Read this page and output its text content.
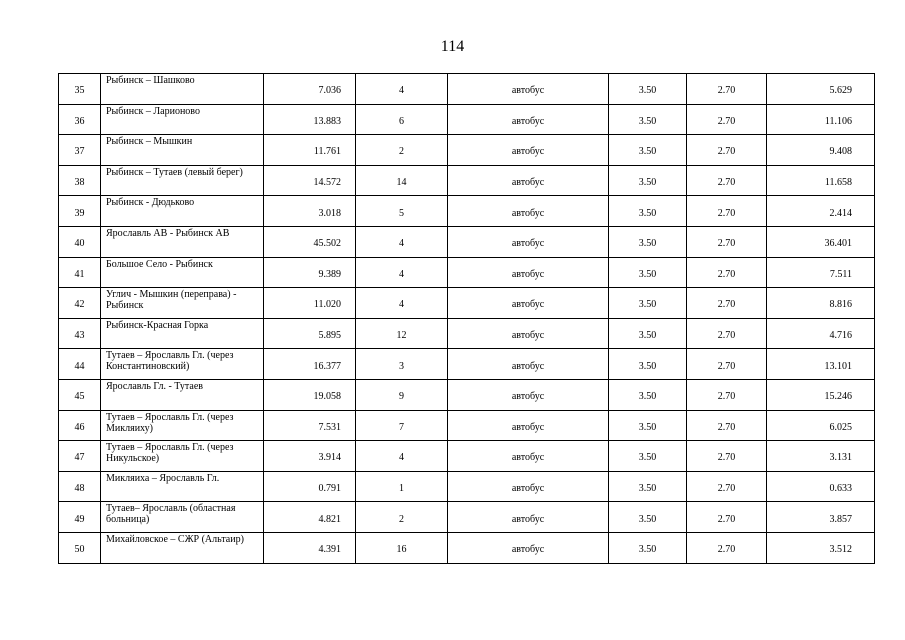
114
35	Рыбинск – Шашково	7.036	4	автобус	3.50	2.70	5.629
36	Рыбинск – Ларионово	13.883	6	автобус	3.50	2.70	11.106
37	Рыбинск – Мышкин	11.761	2	автобус	3.50	2.70	9.408
38	Рыбинск – Тутаев (левый берег)	14.572	14	автобус	3.50	2.70	11.658
39	Рыбинск - Дюдьково	3.018	5	автобус	3.50	2.70	2.414
40	Ярославль АВ - Рыбинск АВ	45.502	4	автобус	3.50	2.70	36.401
41	Большое Село - Рыбинск	9.389	4	автобус	3.50	2.70	7.511
42	Углич - Мышкин (переправа) - Рыбинск	11.020	4	автобус	3.50	2.70	8.816
43	Рыбинск-Красная Горка	5.895	12	автобус	3.50	2.70	4.716
44	Тутаев – Ярославль Гл. (через Константиновский)	16.377	3	автобус	3.50	2.70	13.101
45	Ярославль Гл. - Тутаев	19.058	9	автобус	3.50	2.70	15.246
46	Тутаев – Ярославль Гл. (через Микляиху)	7.531	7	автобус	3.50	2.70	6.025
47	Тутаев – Ярославль Гл. (через Никульское)	3.914	4	автобус	3.50	2.70	3.131
48	Микляиха – Ярославль Гл.	0.791	1	автобус	3.50	2.70	0.633
49	Тутаев– Ярославль (областная больница)	4.821	2	автобус	3.50	2.70	3.857
50	Михайловское – СЖР (Альтаир)	4.391	16	автобус	3.50	2.70	3.512
